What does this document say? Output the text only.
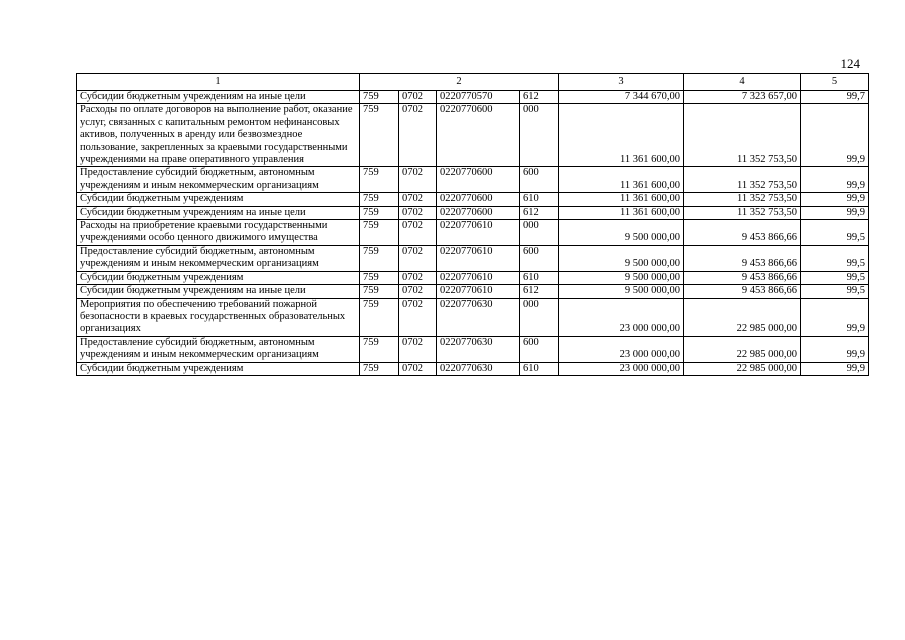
124
1	2				3	4	5
Субсидии бюджетным учреждениям на иные цели	759	0702	0220770570	612	7 344 670,00	7 323 657,00	99,7
Расходы по оплате договоров на выполнение работ, оказание услуг, связанных с капитальным ремонтом нефинансовых активов, полученных в аренду или безвозмездное пользование, закрепленных за краевыми государственными учреждениями на праве оперативного управления	759	0702	0220770600	000	11 361 600,00	11 352 753,50	99,9
Предоставление субсидий бюджетным, автономным учреждениям и иным некоммерческим организациям	759	0702	0220770600	600	11 361 600,00	11 352 753,50	99,9
Субсидии бюджетным учреждениям	759	0702	0220770600	610	11 361 600,00	11 352 753,50	99,9
Субсидии бюджетным учреждениям на иные цели	759	0702	0220770600	612	11 361 600,00	11 352 753,50	99,9
Расходы на приобретение краевыми государственными учреждениями особо ценного движимого имущества	759	0702	0220770610	000	9 500 000,00	9 453 866,66	99,5
Предоставление субсидий бюджетным, автономным учреждениям и иным некоммерческим организациям	759	0702	0220770610	600	9 500 000,00	9 453 866,66	99,5
Субсидии бюджетным учреждениям	759	0702	0220770610	610	9 500 000,00	9 453 866,66	99,5
Субсидии бюджетным учреждениям на иные цели	759	0702	0220770610	612	9 500 000,00	9 453 866,66	99,5
Мероприятия по обеспечению требований пожарной безопасности в краевых государственных образовательных организациях	759	0702	0220770630	000	23 000 000,00	22 985 000,00	99,9
Предоставление субсидий бюджетным, автономным учреждениям и иным некоммерческим организациям	759	0702	0220770630	600	23 000 000,00	22 985 000,00	99,9
Субсидии бюджетным учреждениям	759	0702	0220770630	610	23 000 000,00	22 985 000,00	99,9
